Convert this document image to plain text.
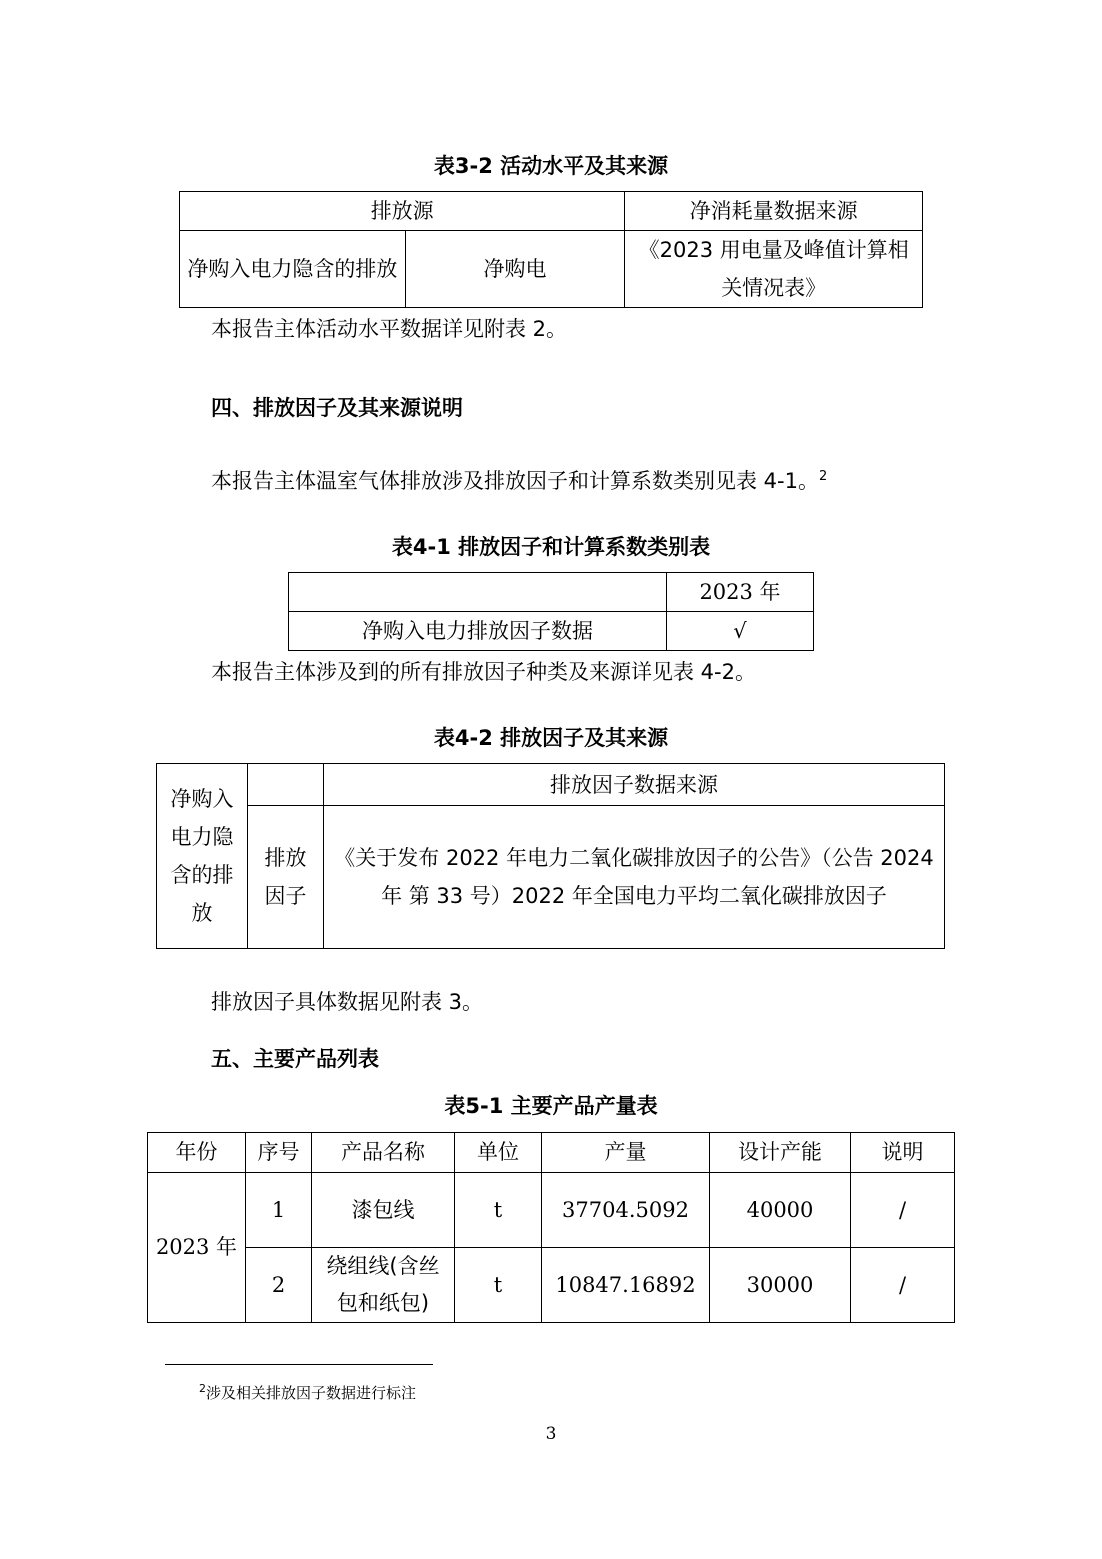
表3-2 活动水平及其来源
排放源		净消耗量数据来源
净购入电力隐含的排放	净购电	《2023 用电量及峰值计算相关情况表》
本报告主体活动水平数据详见附表 2。
四、排放因子及其来源说明
本报告主体温室气体排放涉及排放因子和计算系数类别见表 4-1。$^2$
表4-1 排放因子和计算系数类别表
	2023 年
净购入电力排放因子数据	√
本报告主体涉及到的所有排放因子种类及来源详见表 4-2。
表4-2 排放因子及其来源
净购入电力隐含的排放		排放因子数据来源
	排放因子	《关于发布 2022 年电力二氧化碳排放因子的公告》（公告 2024 年 第 33 号）2022 年全国电力平均二氧化碳排放因子
排放因子具体数据见附表 3。
五、主要产品列表
表5-1 主要产品产量表
年份	序号	产品名称	单位	产量	设计产能	说明
2023 年	1	漆包线	t	37704.5092	40000	/
	2	绕组线(含丝包和纸包)	t	10847.16892	30000	/
$^2$涉及相关排放因子数据进行标注
3
